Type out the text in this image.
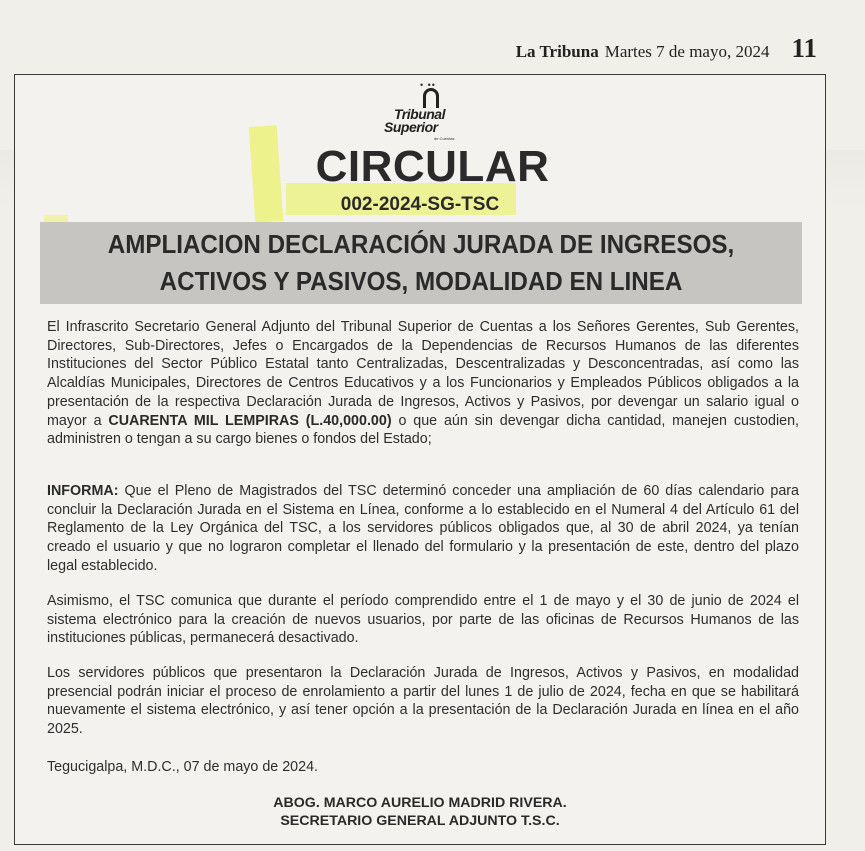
La Tribuna Martes 7 de mayo, 2024 11
• ••
Tribunal
Superior
de Cuentas
CIRCULAR
002-2024-SG-TSC
AMPLIACION DECLARACIÓN JURADA DE INGRESOS,
ACTIVOS Y PASIVOS, MODALIDAD EN LINEA
El Infrascrito Secretario General Adjunto del Tribunal Superior de Cuentas a los Señores Gerentes, Sub Gerentes, Directores, Sub-Directores, Jefes o Encargados de la Dependencias de Recursos Humanos de las diferentes Instituciones del Sector Público Estatal tanto Centralizadas, Descentralizadas y Desconcentradas, así como las Alcaldías Municipales, Directores de Centros Educativos y a los Funcionarios y Empleados Públicos obligados a la presentación de la respectiva Declaración Jurada de Ingresos, Activos y Pasivos, por devengar un salario igual o mayor a CUARENTA MIL LEMPIRAS (L.40,000.00) o que aún sin devengar dicha cantidad, manejen custodien, administren o tengan a su cargo bienes o fondos del Estado;
INFORMA: Que el Pleno de Magistrados del TSC determinó conceder una ampliación de 60 días calendario para concluir la Declaración Jurada en el Sistema en Línea, conforme a lo establecido en el Numeral 4 del Artículo 61 del Reglamento de la Ley Orgánica del TSC, a los servidores públicos obligados que, al 30 de abril 2024, ya tenían creado el usuario y que no lograron completar el llenado del formulario y la presentación de este, dentro del plazo legal establecido.
Asimismo, el TSC comunica que durante el período comprendido entre el 1 de mayo y el 30 de junio de 2024 el sistema electrónico para la creación de nuevos usuarios, por parte de las oficinas de Recursos Humanos de las instituciones públicas, permanecerá desactivado.
Los servidores públicos que presentaron la Declaración Jurada de Ingresos, Activos y Pasivos, en modalidad presencial podrán iniciar el proceso de enrolamiento a partir del lunes 1 de julio de 2024, fecha en que se habilitará nuevamente el sistema electrónico, y así tener opción a la presentación de la Declaración Jurada en línea en el año 2025.
Tegucigalpa, M.D.C., 07 de mayo de 2024.
ABOG. MARCO AURELIO MADRID RIVERA.
SECRETARIO GENERAL ADJUNTO T.S.C.
